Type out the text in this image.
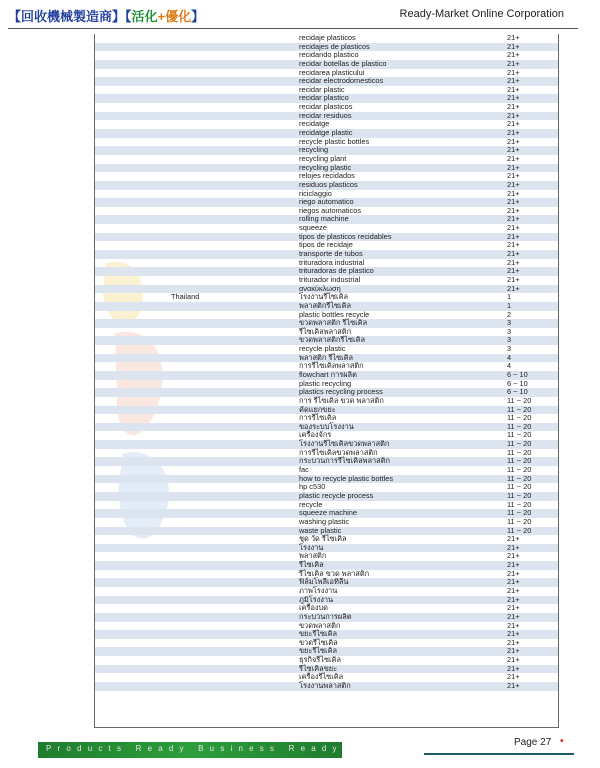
【回收機械製造商】【活化+優化】	Ready-Market Online Corporation
recidaje plasticos	21+
recidajes de plasticos	21+
recidando plastico	21+
recidar botellas de plastico	21+
recidarea plasticului	21+
recidar electrodomesticos	21+
recidar plastic	21+
recidar plastico	21+
recidar plasticos	21+
recidar residuos	21+
recidatge	21+
recidatge plastic	21+
recycle plastic bottles	21+
recycling	21+
recycling plant	21+
recycling plastic	21+
relojes recidados	21+
residuos plasticos	21+
riciclaggio	21+
riego automatico	21+
riegos automaticos	21+
rolling machine	21+
squeeze	21+
tipos de plasticos recidables	21+
tipos de recidaje	21+
transporte de tubos	21+
trituradora industrial	21+
trituradoras de plastico	21+
triturador industrial	21+
ανακύκλωση	21+
Thailand	โรงงานรีไซเคิล	1
พลาสติกรีไซเคิล	1
plastic bottles recycle	2
ขวดพลาสติก รีไซเคิล	3
รีไซเคิลพลาสติก	3
ขวดพลาสติกรีไซเคิล	3
recycle plastic	3
พลาสติก รีไซเคิล	4
การรีไซเคิลพลาสติก	4
flowchart การผลิต	6 ~ 10
plastic recycling	6 ~ 10
plastics recycling process	6 ~ 10
การ รีไซเคิล ขวด พลาสติก	11 ~ 20
คัดแยกขยะ	11 ~ 20
การรีไซเคิล	11 ~ 20
ของระบบโรงงาน	11 ~ 20
เครื่องจักร	11 ~ 20
โรงงานรีไซเคิลขวดพลาสติก	11 ~ 20
การรีไซเคิลขวดพลาสติก	11 ~ 20
กระบวนการรีไซเคิลพลาสติก	11 ~ 20
fac	11 ~ 20
how to recycle plastic bottles	11 ~ 20
hp c530	11 ~ 20
plastic recycle process	11 ~ 20
recycle	11 ~ 20
squeeze machine	11 ~ 20
washing plastic	11 ~ 20
waste plastic	11 ~ 20
ชุด วัด รีไซเคิล	21+
โรงงาน	21+
พลาสติก	21+
รีไซเคิล	21+
รีไซเคิล ขวด พลาสติก	21+
ฟิล์มโพลีเอทิลีน	21+
ภาพโรงงาน	21+
ภูมิโรงงาน	21+
เครื่องบด	21+
กระบวนการผลิต	21+
ขวดพลาสติก	21+
ขยะรีไซเคิล	21+
ขวดรีไซเคิล	21+
ขยะรีไซเคิล	21+
ธุรกิจรีไซเคิล	21+
รีไซเคิลขยะ	21+
เครื่องรีไซเคิล	21+
โรงงานพลาสติก	21+
Products Ready Business Ready
Page 27 •
